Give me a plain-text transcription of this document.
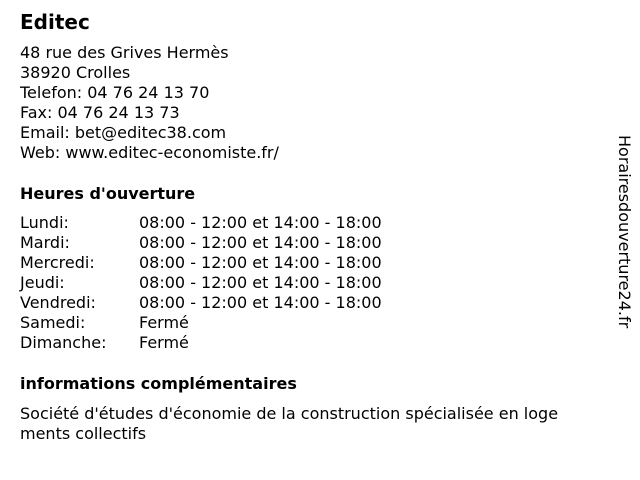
Editec
48 rue des Grives Hermès
38920 Crolles
Telefon: 04 76 24 13 70
Fax: 04 76 24 13 73
Email: bet@editec38.com
Web: www.editec-economiste.fr/
Heures d'ouverture
Lundi:	08:00 - 12:00 et 14:00 - 18:00
Mardi:	08:00 - 12:00 et 14:00 - 18:00
Mercredi:	08:00 - 12:00 et 14:00 - 18:00
Jeudi:	08:00 - 12:00 et 14:00 - 18:00
Vendredi:	08:00 - 12:00 et 14:00 - 18:00
Samedi:	Fermé
Dimanche: Fermé
informations complémentaires
Société d'études d'économie de la construction spécialisée en logements collectifs
Horairesdouverture24.fr
